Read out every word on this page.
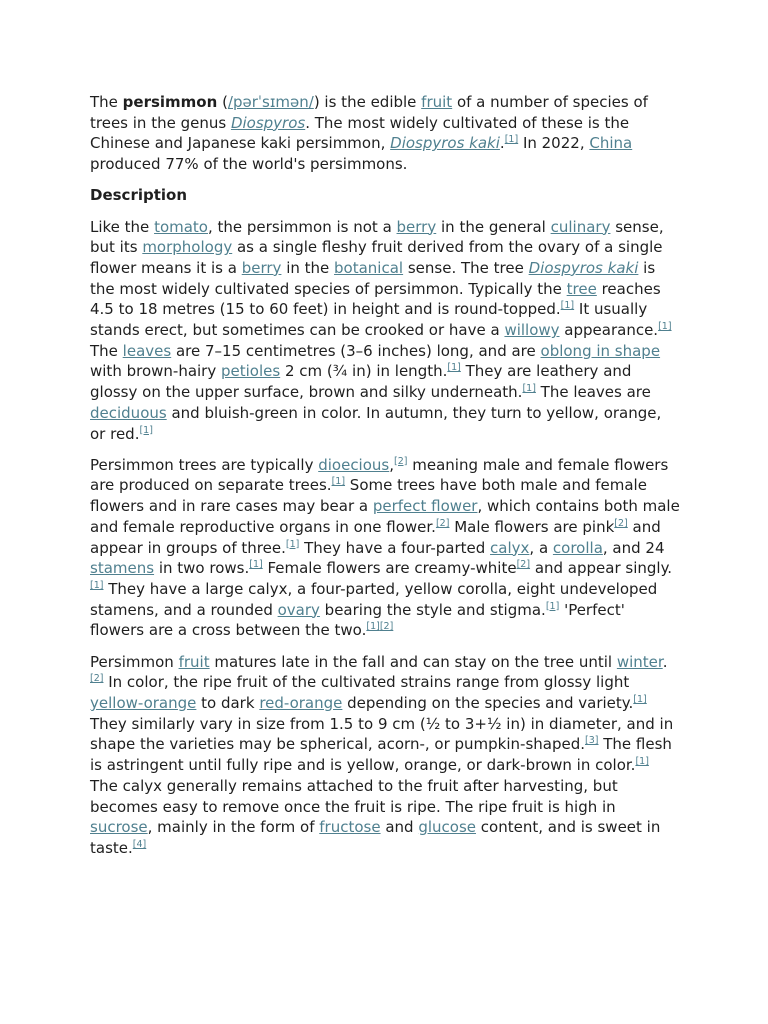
The persimmon (/pərˈsɪmən/) is the edible fruit of a number of species of trees in the genus Diospyros. The most widely cultivated of these is the Chinese and Japanese kaki persimmon, Diospyros kaki.[1] In 2022, China produced 77% of the world's persimmons.

Description

Like the tomato, the persimmon is not a berry in the general culinary sense, but its morphology as a single fleshy fruit derived from the ovary of a single flower means it is a berry in the botanical sense. The tree Diospyros kaki is the most widely cultivated species of persimmon. Typically the tree reaches 4.5 to 18 metres (15 to 60 feet) in height and is round-topped.[1] It usually stands erect, but sometimes can be crooked or have a willowy appearance.[1] The leaves are 7–15 centimetres (3–6 inches) long, and are oblong in shape with brown-hairy petioles 2 cm (¾ in) in length.[1] They are leathery and glossy on the upper surface, brown and silky underneath.[1] The leaves are deciduous and bluish-green in color. In autumn, they turn to yellow, orange, or red.[1]

Persimmon trees are typically dioecious,[2] meaning male and female flowers are produced on separate trees.[1] Some trees have both male and female flowers and in rare cases may bear a perfect flower, which contains both male and female reproductive organs in one flower.[2] Male flowers are pink[2] and appear in groups of three.[1] They have a four-parted calyx, a corolla, and 24 stamens in two rows.[1] Female flowers are creamy-white[2] and appear singly.[1] They have a large calyx, a four-parted, yellow corolla, eight undeveloped stamens, and a rounded ovary bearing the style and stigma.[1] 'Perfect' flowers are a cross between the two.[1][2]

Persimmon fruit matures late in the fall and can stay on the tree until winter.[2] In color, the ripe fruit of the cultivated strains range from glossy light yellow-orange to dark red-orange depending on the species and variety.[1] They similarly vary in size from 1.5 to 9 cm (½ to 3+½ in) in diameter, and in shape the varieties may be spherical, acorn-, or pumpkin-shaped.[3] The flesh is astringent until fully ripe and is yellow, orange, or dark-brown in color.[1] The calyx generally remains attached to the fruit after harvesting, but becomes easy to remove once the fruit is ripe. The ripe fruit is high in sucrose, mainly in the form of fructose and glucose content, and is sweet in taste.[4]
